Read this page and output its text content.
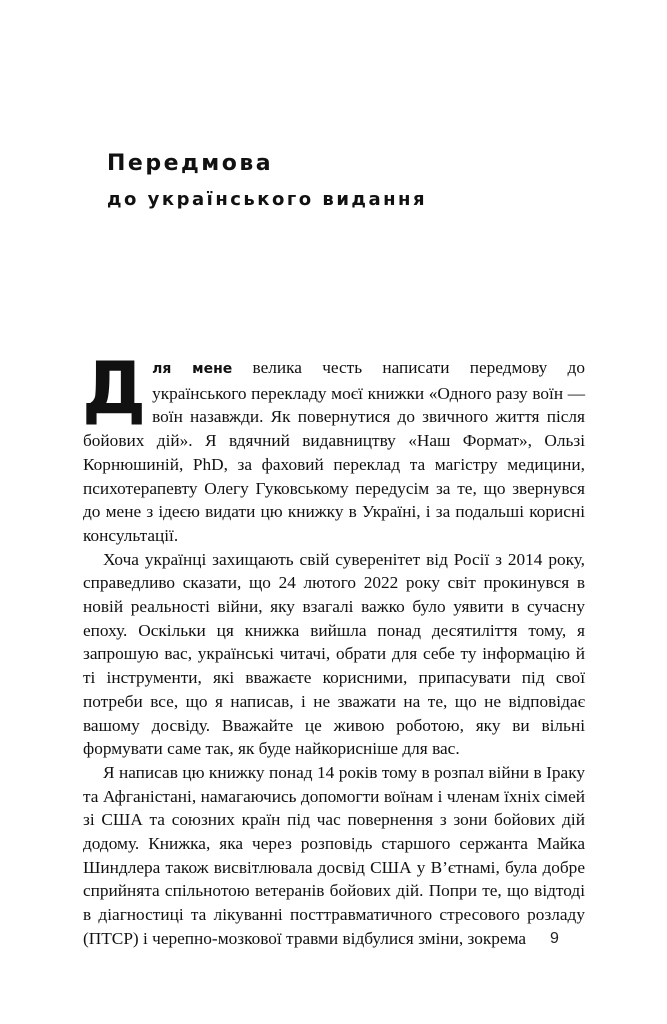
Передмова
до українського видання

Для мене велика честь написати передмову до українського перекладу моєї книжки «Одного разу воїн — воїн назавжди. Як повернутися до звичного життя після бойових дій». Я вдячний видавництву «Наш Формат», Ользі Корнюшиній, PhD, за фаховий переклад та магістру медицини, психотерапевту Олегу Гуковському передусім за те, що звернувся до мене з ідеєю видати цю книжку в Україні, і за подальші корисні консультації.

Хоча українці захищають свій суверенітет від Росії з 2014 року, справедливо сказати, що 24 лютого 2022 року світ прокинувся в новій реальності війни, яку взагалі важко було уявити в сучасну епоху. Оскільки ця книжка вийшла понад десятиліття тому, я запрошую вас, українські читачі, обрати для себе ту інформацію й ті інструменти, які вважаєте корисними, припасувати під свої потреби все, що я написав, і не зважати на те, що не відповідає вашому досвіду. Вважайте це живою роботою, яку ви вільні формувати саме так, як буде найкорисніше для вас.

Я написав цю книжку понад 14 років тому в розпал війни в Іраку та Афганістані, намагаючись допомогти воїнам і членам їхніх сімей зі США та союзних країн під час повернення з зони бойових дій додому. Книжка, яка через розповідь старшого сержанта Майка Шиндлера також висвітлювала досвід США у В’єтнамі, була добре сприйнята спільнотою ветеранів бойових дій. Попри те, що відтоді в діагностиці та лікуванні посттравматичного стресового розладу (ПТСР) і черепно-мозкової травми відбулися зміни, зокрема	9
